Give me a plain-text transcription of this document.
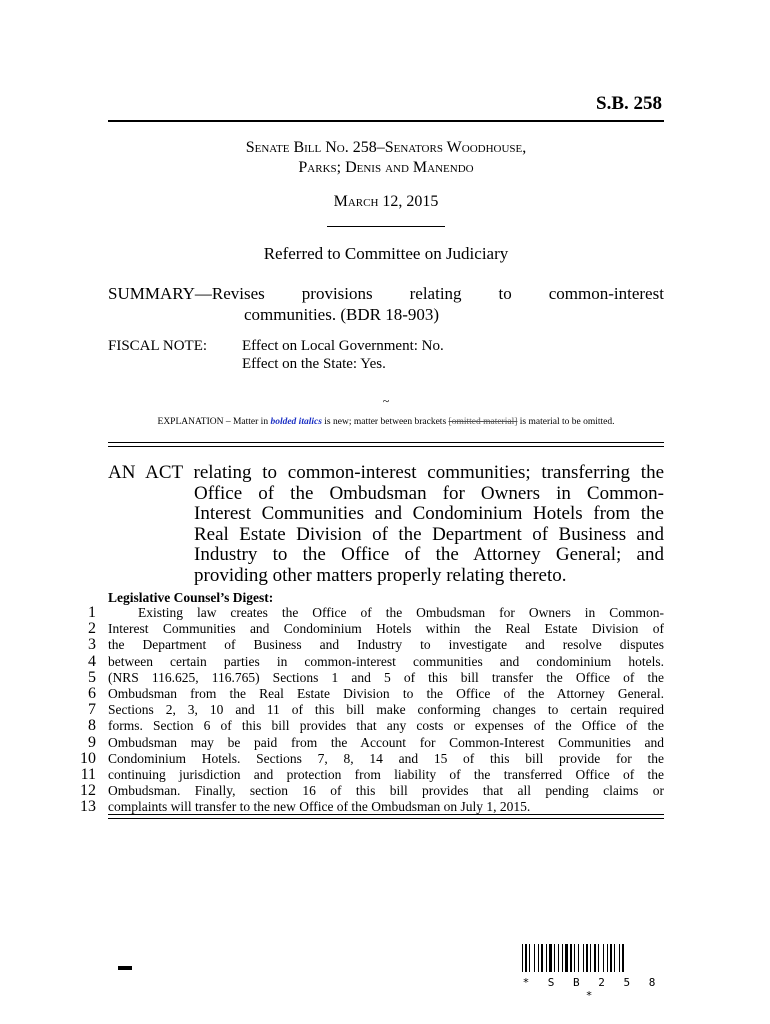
S.B. 258
Senate Bill No. 258–Senators Woodhouse,
Parks; Denis and Manendo
March 12, 2015
Referred to Committee on Judiciary
SUMMARY—Revises provisions relating to common-interest
communities. (BDR 18-903)
FISCAL NOTE:	Effect on Local Government: No.
Effect on the State: Yes.
~
EXPLANATION – Matter in bolded italics is new; matter between brackets [omitted material] is material to be omitted.
AN ACT relating to common-interest communities; transferring the
Office of the Ombudsman for Owners in Common-
Interest Communities and Condominium Hotels from the
Real Estate Division of the Department of Business and
Industry to the Office of the Attorney General; and
providing other matters properly relating thereto.
Legislative Counsel’s Digest:
1
2
3
4
5
6
7
8
9
10
11
12
13
Existing law creates the Office of the Ombudsman for Owners in Common-
Interest Communities and Condominium Hotels within the Real Estate Division of
the Department of Business and Industry to investigate and resolve disputes
between certain parties in common-interest communities and condominium hotels.
(NRS 116.625, 116.765) Sections 1 and 5 of this bill transfer the Office of the
Ombudsman from the Real Estate Division to the Office of the Attorney General.
Sections 2, 3, 10 and 11 of this bill make conforming changes to certain required
forms. Section 6 of this bill provides that any costs or expenses of the Office of the
Ombudsman may be paid from the Account for Common-Interest Communities and
Condominium Hotels. Sections 7, 8, 14 and 15 of this bill provide for the
continuing jurisdiction and protection from liability of the transferred Office of the
Ombudsman. Finally, section 16 of this bill provides that all pending claims or
complaints will transfer to the new Office of the Ombudsman on July 1, 2015.
* S B 2 5 8 *
